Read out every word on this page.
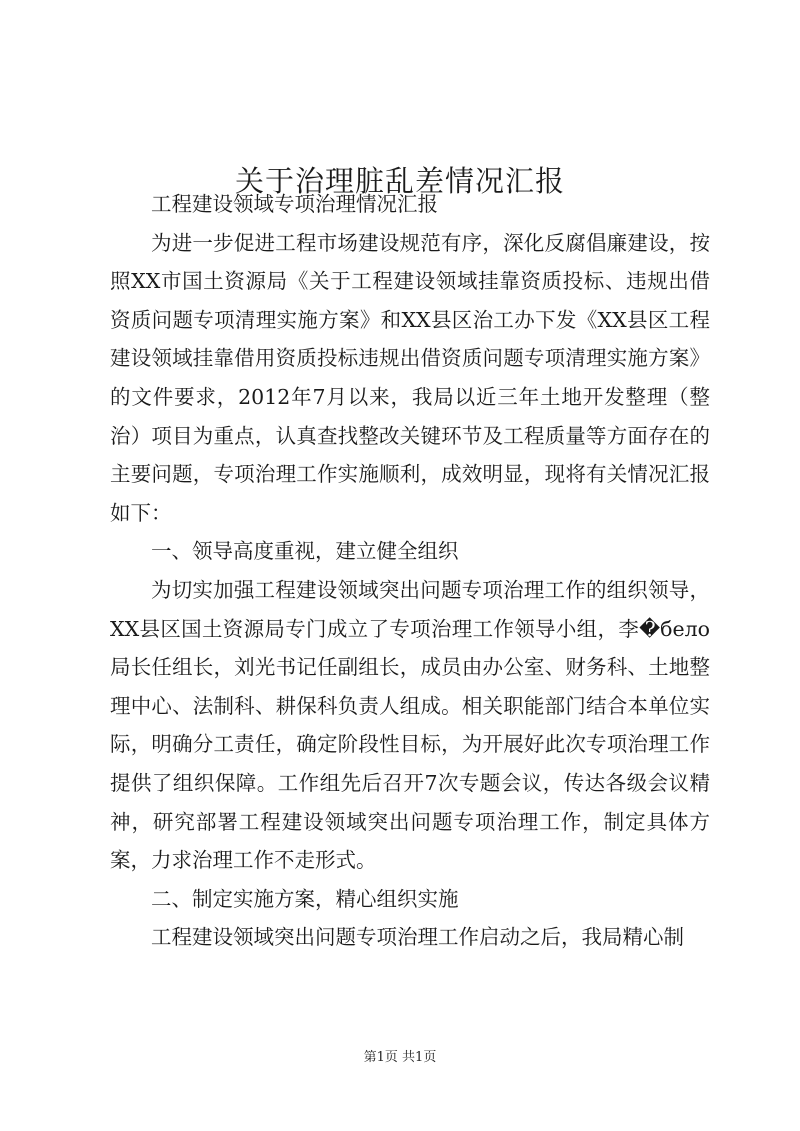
关于治理脏乱差情况汇报

工程建设领域专项治理情况汇报

为进一步促进工程市场建设规范有序，深化反腐倡廉建设，按照XX市国土资源局《关于工程建设领域挂靠资质投标、违规出借资质问题专项清理实施方案》和XX县区治工办下发《XX县区工程建设领域挂靠借用资质投标违规出借资质问题专项清理实施方案》的文件要求，2012年7月以来，我局以近三年土地开发整理（整治）项目为重点，认真查找整改关键环节及工程质量等方面存在的主要问题，专项治理工作实施顺利，成效明显，现将有关情况汇报如下：

一、领导高度重视，建立健全组织

为切实加强工程建设领域突出问题专项治理工作的组织领导，XX县区国土资源局专门成立了专项治理工作领导小组，李�бело局长任组长，刘光书记任副组长，成员由办公室、财务科、土地整理中心、法制科、耕保科负责人组成。相关职能部门结合本单位实际，明确分工责任，确定阶段性目标，为开展好此次专项治理工作提供了组织保障。工作组先后召开7次专题会议，传达各级会议精神，研究部署工程建设领域突出问题专项治理工作，制定具体方案，力求治理工作不走形式。

二、制定实施方案，精心组织实施

工程建设领域突出问题专项治理工作启动之后，我局精心制

第1页 共1页
